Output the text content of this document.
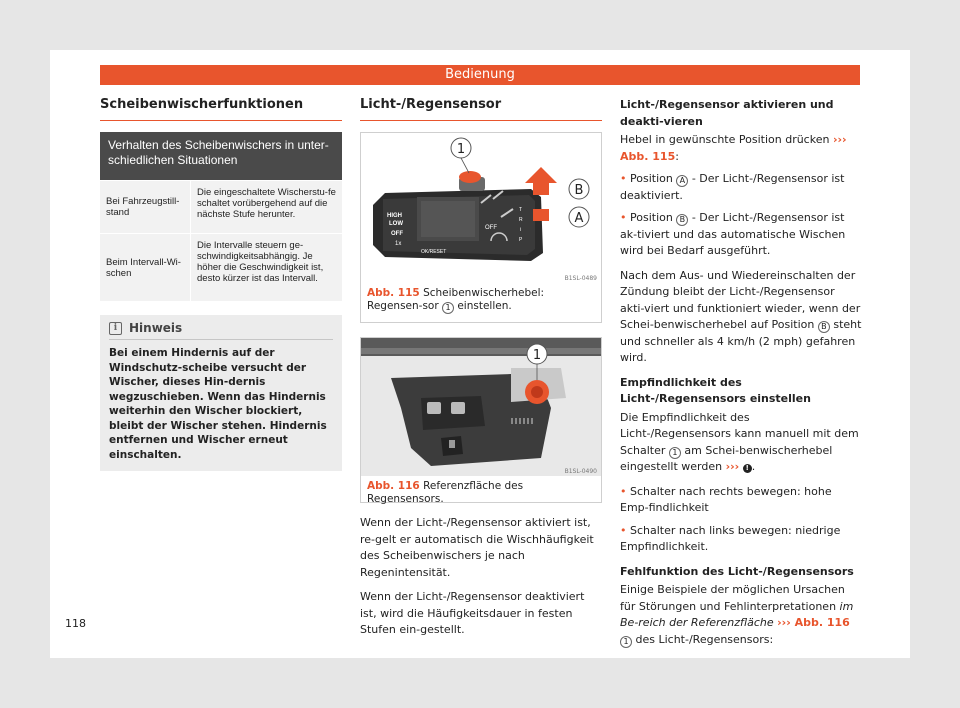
Bedienung
Scheibenwischerfunktionen
Verhalten des Scheibenwischers in unter-schiedlichen Situationen
Bei Fahrzeugstill-stand
Die eingeschaltete Wischerstu-fe schaltet vorübergehend auf die nächste Stufe herunter.
Beim Intervall-Wi-schen
Die Intervalle steuern ge-schwindigkeitsabhängig. Je höher die Geschwindigkeit ist, desto kürzer ist das Intervall.
i Hinweis
Bei einem Hindernis auf der Windschutz-scheibe versucht der Wischer, dieses Hin-dernis wegzuschieben. Wenn das Hindernis weiterhin den Wischer blockiert, bleibt der Wischer stehen. Hindernis entfernen und Wischer erneut einschalten.
Licht-/Regensensor
HIGH
LOW
OFF
1x
OK/RESET
OFF
T
R
i
P
1
B
A
B1SL-0489
Abb. 115 Scheibenwischerhebel: Regensen-sor 1 einstellen.
1
B1SL-0490
Abb. 116 Referenzfläche des Regensensors.

Wenn der Licht-/Regensensor aktiviert ist, re-gelt er automatisch die Wischhäufigkeit des Scheibenwischers je nach Regenintensität.

Wenn der Licht-/Regensensor deaktiviert ist, wird die Häufigkeitsdauer in festen Stufen ein-gestellt.

Licht-/Regensensor aktivieren und deakti-vieren

Hebel in gewünschte Position drücken ››› Abb. 115:

• Position A - Der Licht-/Regensensor ist deaktiviert.

• Position B - Der Licht-/Regensensor ist ak-tiviert und das automatische Wischen wird bei Bedarf ausgeführt.

Nach dem Aus- und Wiedereinschalten der Zündung bleibt der Licht-/Regensensor akti-viert und funktioniert wieder, wenn der Schei-benwischerhebel auf Position B steht und schneller als 4 km/h (2 mph) gefahren wird.

Empfindlichkeit des Licht-/Regensensors einstellen

Die Empfindlichkeit des Licht-/Regensensors kann manuell mit dem Schalter 1 am Schei-benwischerhebel eingestellt werden ››› ! .

• Schalter nach rechts bewegen: hohe Emp-findlichkeit

• Schalter nach links bewegen: niedrige Empfindlichkeit.

Fehlfunktion des Licht-/Regensensors

Einige Beispiele der möglichen Ursachen für Störungen und Fehlinterpretationen im Be-reich der Referenzfläche ››› Abb. 116 1 des Licht-/Regensensors:

118
